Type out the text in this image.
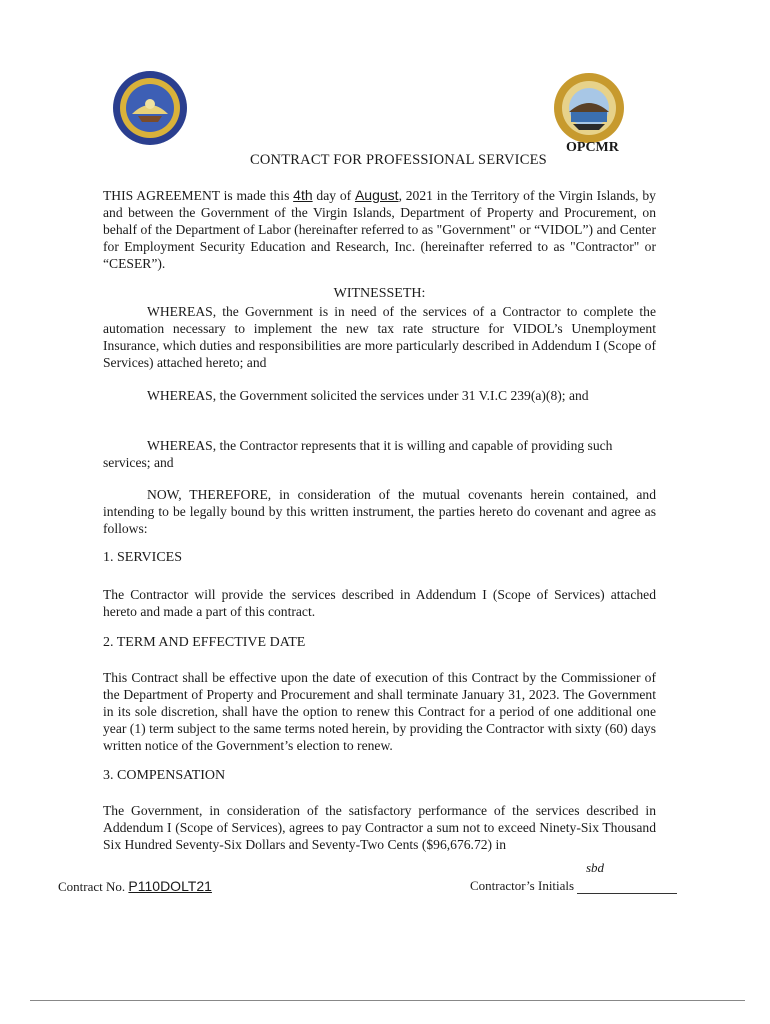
OPCMR
CONTRACT FOR PROFESSIONAL SERVICES
THIS AGREEMENT is made this 4th day of August, 2021 in the Territory of the Virgin Islands, by and between the Government of the Virgin Islands, Department of Property and Procurement, on behalf of the Department of Labor (hereinafter referred to as "Government" or “VIDOL”) and Center for Employment Security Education and Research, Inc. (hereinafter referred to as "Contractor" or “CESER”).
WITNESSETH:
WHEREAS, the Government is in need of the services of a Contractor to complete the automation necessary to implement the new tax rate structure for VIDOL’s Unemployment Insurance, which duties and responsibilities are more particularly described in Addendum I (Scope of Services) attached hereto; and
WHEREAS, the Government solicited the services under 31 V.I.C 239(a)(8); and
WHEREAS, the Contractor represents that it is willing and capable of providing such services; and
NOW, THEREFORE, in consideration of the mutual covenants herein contained, and intending to be legally bound by this written instrument, the parties hereto do covenant and agree as follows:
1. SERVICES
The Contractor will provide the services described in Addendum I (Scope of Services) attached hereto and made a part of this contract.
2. TERM AND EFFECTIVE DATE
This Contract shall be effective upon the date of execution of this Contract by the Commissioner of the Department of Property and Procurement and shall terminate January 31, 2023. The Government in its sole discretion, shall have the option to renew this Contract for a period of one additional one year (1) term subject to the same terms noted herein, by providing the Contractor with sixty (60) days written notice of the Government’s election to renew.
3. COMPENSATION
The Government, in consideration of the satisfactory performance of the services described in Addendum I (Scope of Services), agrees to pay Contractor a sum not to exceed Ninety-Six Thousand Six Hundred Seventy-Six Dollars and Seventy-Two Cents ($96,676.72) in
Contract No. P110DOLT21
sbd
Contractor’s Initials
